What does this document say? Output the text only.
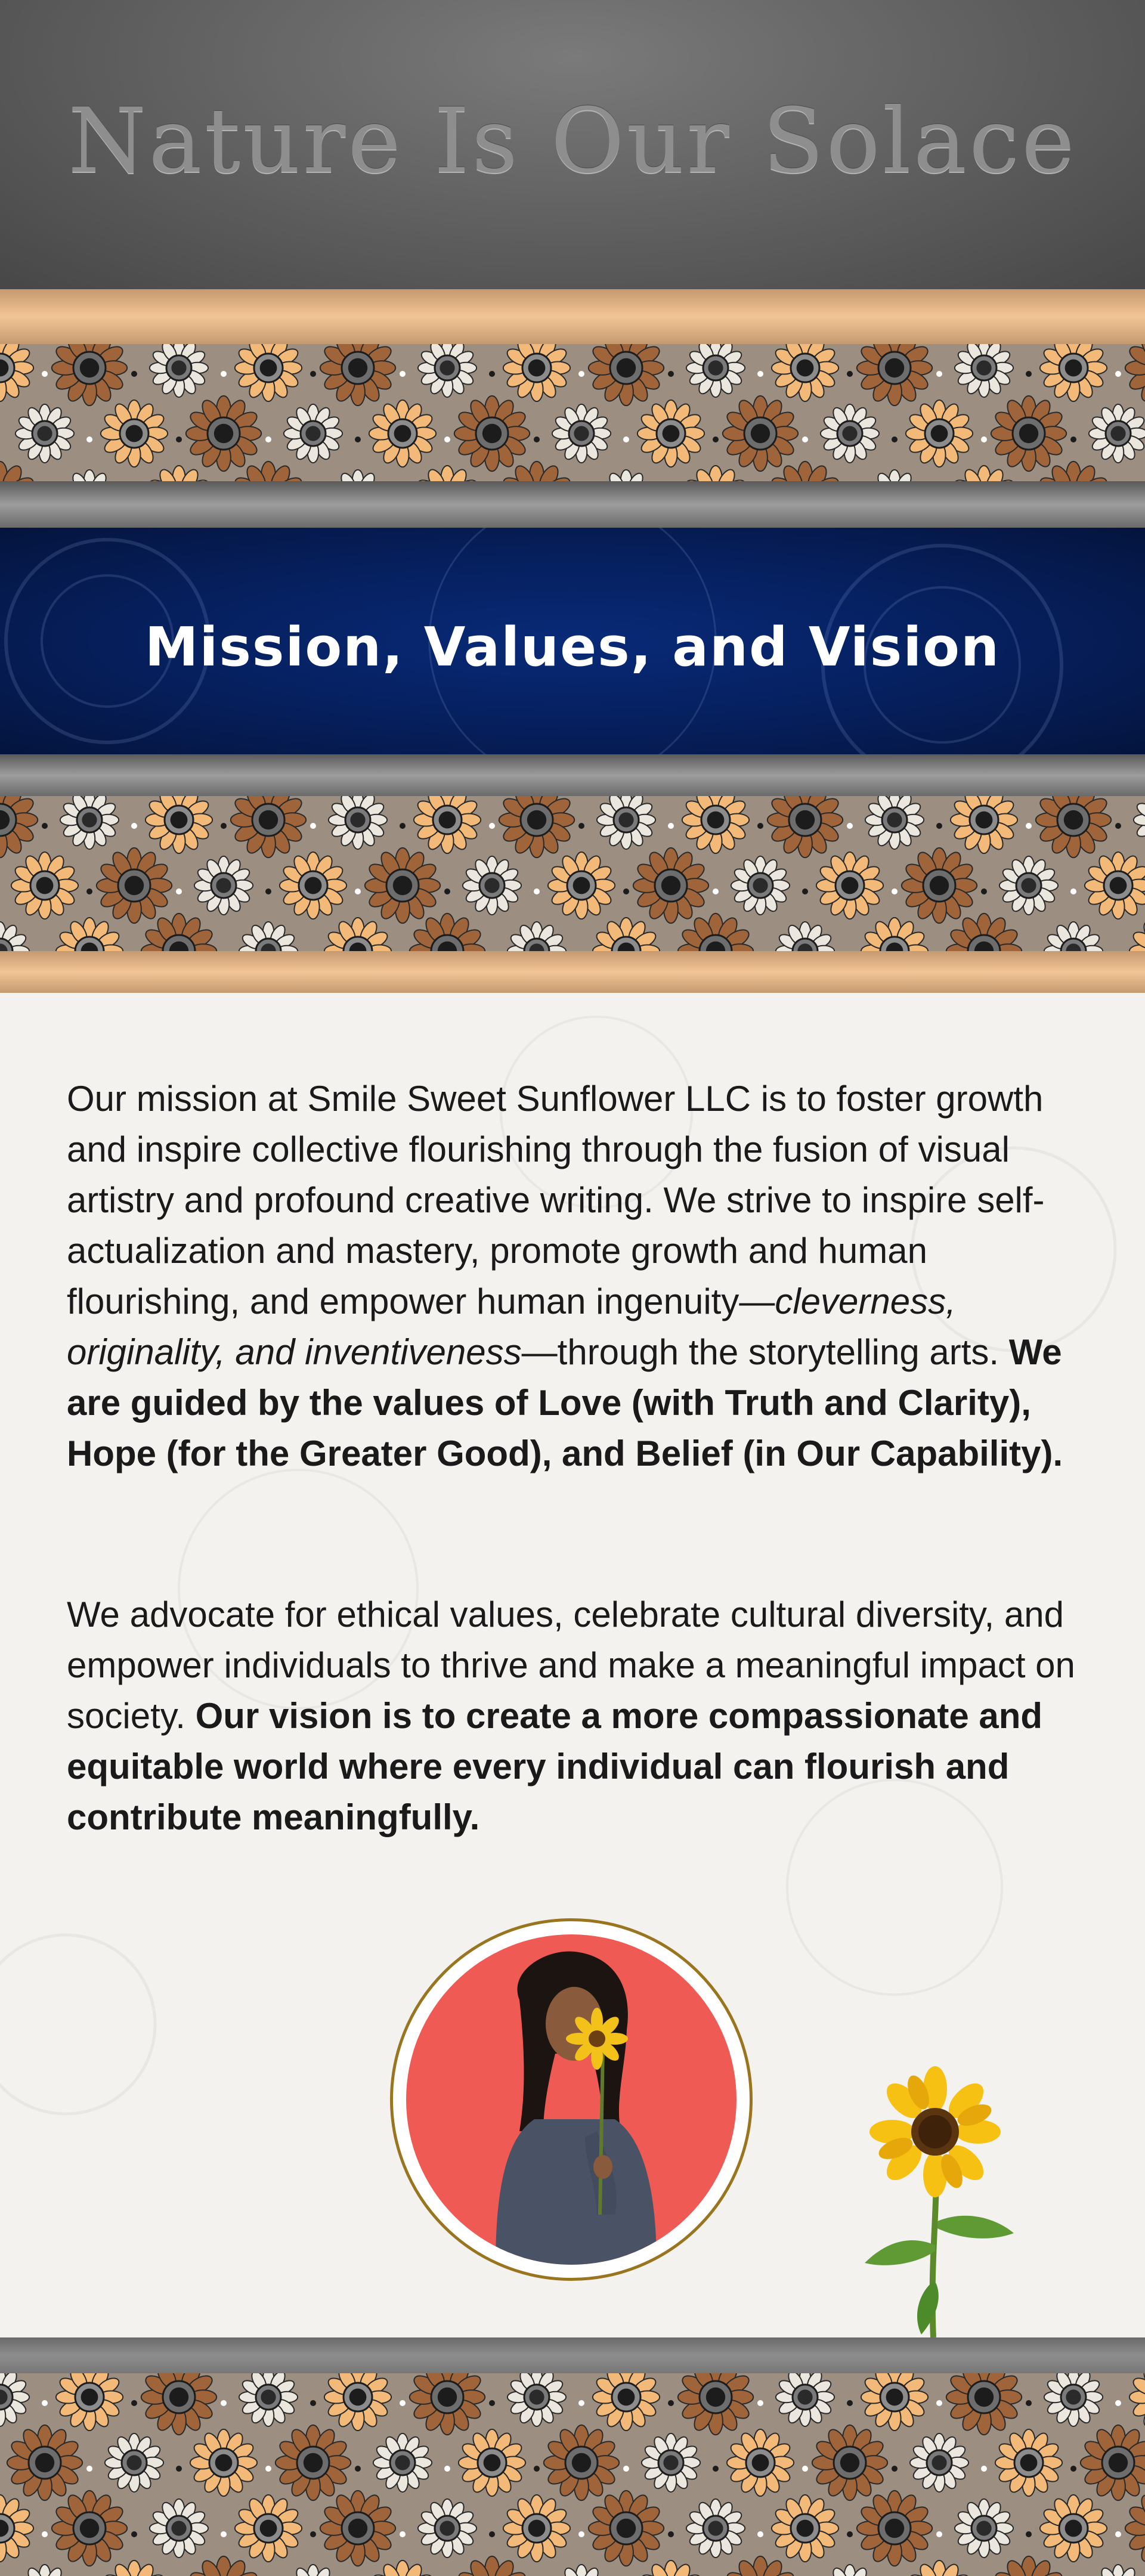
Nature Is Our Solace
Mission, Values, and Vision

Our mission at Smile Sweet Sunflower LLC is to foster growth and inspire collective flourishing through the fusion of visual artistry and profound creative writing. We strive to inspire self-actualization and mastery, promote growth and human flourishing, and empower human ingenuity—cleverness, originality, and inventiveness—through the storytelling arts. We are guided by the values of Love (with Truth and Clarity), Hope (for the Greater Good), and Belief (in Our Capability).

We advocate for ethical values, celebrate cultural diversity, and empower individuals to thrive and make a meaningful impact on society. Our vision is to create a more compassionate and equitable world where every individual can flourish and contribute meaningfully.
